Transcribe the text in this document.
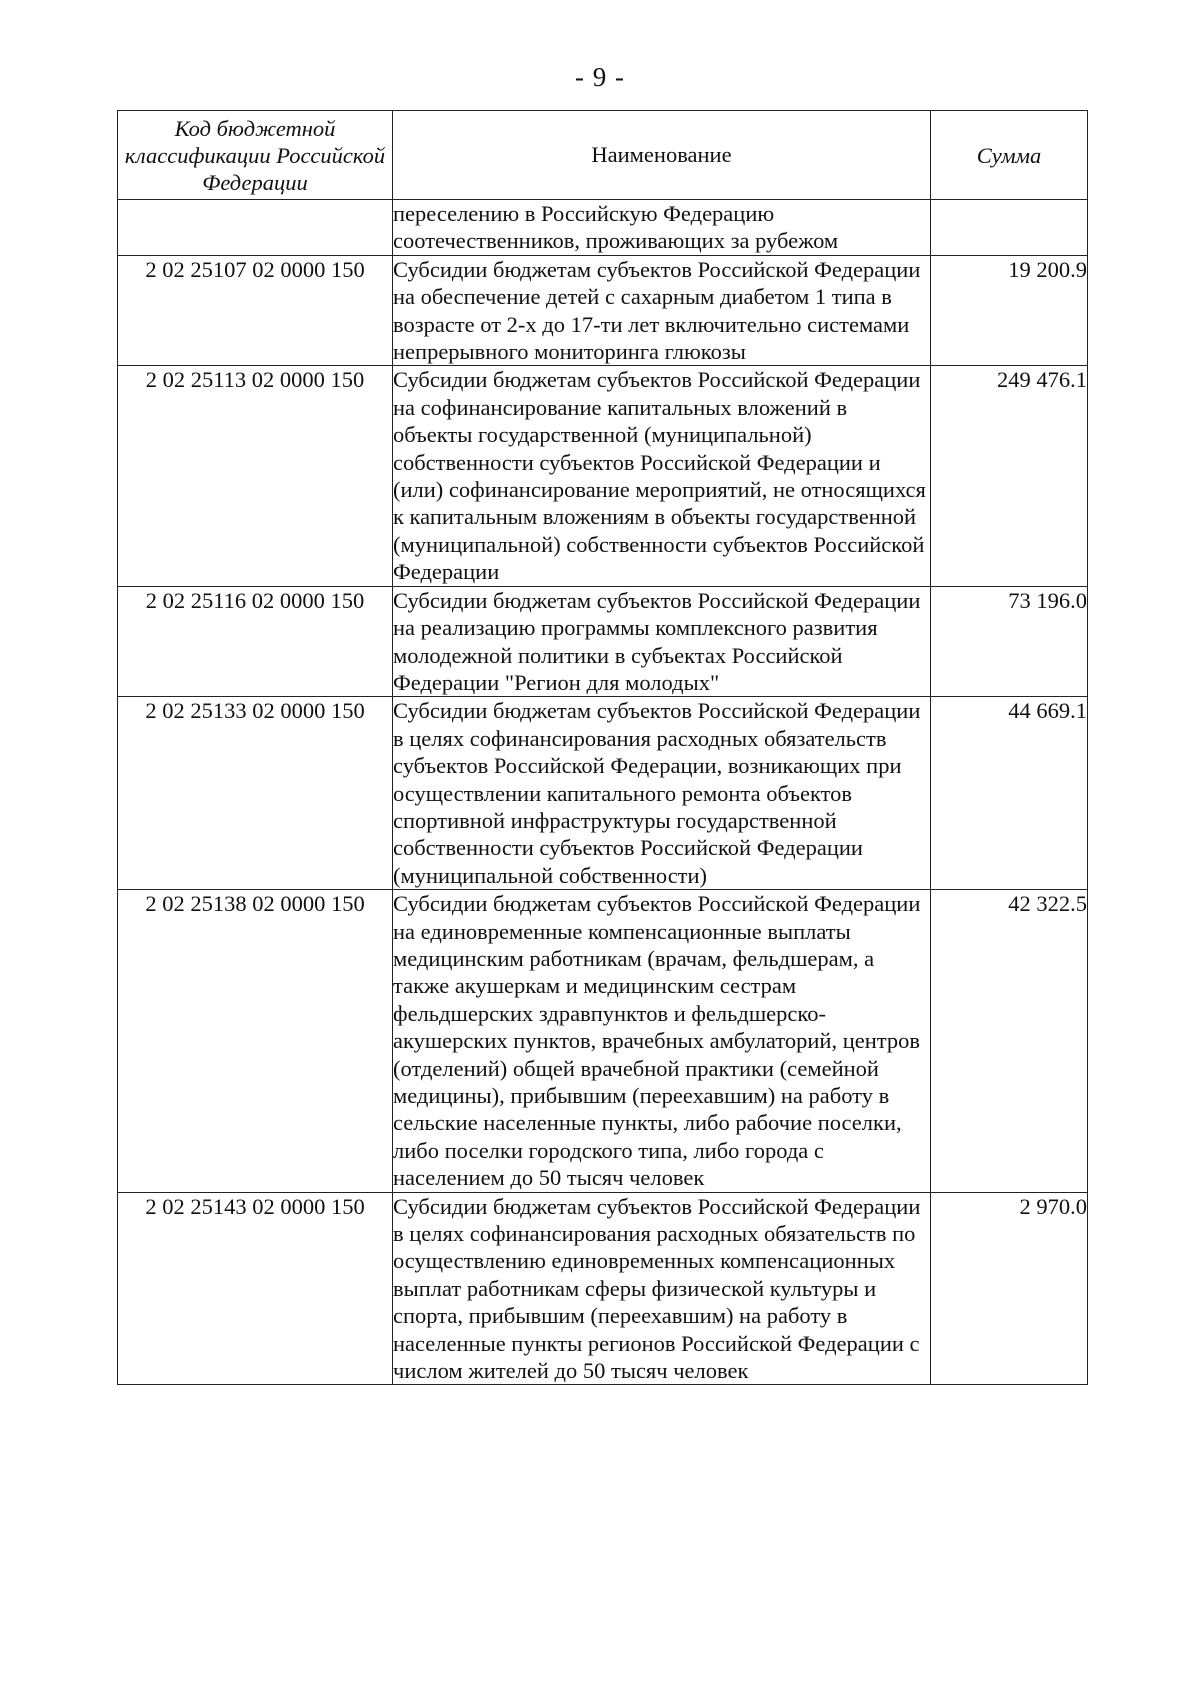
- 9 -
Код бюджетной классификации Российской Федерации	Наименование	Сумма
	переселению в Российскую Федерацию соотечественников, проживающих за рубежом	
2 02 25107 02 0000 150	Субсидии бюджетам субъектов Российской Федерации на обеспечение детей с сахарным диабетом 1 типа в возрасте от 2-х до 17-ти лет включительно системами непрерывного мониторинга глюкозы	19 200.9
2 02 25113 02 0000 150	Субсидии бюджетам субъектов Российской Федерации на софинансирование капитальных вложений в объекты государственной (муниципальной) собственности субъектов Российской Федерации и (или) софинансирование мероприятий, не относящихся к капитальным вложениям в объекты государственной (муниципальной) собственности субъектов Российской Федерации	249 476.1
2 02 25116 02 0000 150	Субсидии бюджетам субъектов Российской Федерации на реализацию программы комплексного развития молодежной политики в субъектах Российской Федерации "Регион для молодых"	73 196.0
2 02 25133 02 0000 150	Субсидии бюджетам субъектов Российской Федерации в целях софинансирования расходных обязательств субъектов Российской Федерации, возникающих при осуществлении капитального ремонта объектов спортивной инфраструктуры государственной собственности субъектов Российской Федерации (муниципальной собственности)	44 669.1
2 02 25138 02 0000 150	Субсидии бюджетам субъектов Российской Федерации на единовременные компенсационные выплаты медицинским работникам (врачам, фельдшерам, а также акушеркам и медицинским сестрам фельдшерских здравпунктов и фельдшерско-акушерских пунктов, врачебных амбулаторий, центров (отделений) общей врачебной практики (семейной медицины), прибывшим (переехавшим) на работу в сельские населенные пункты, либо рабочие поселки, либо поселки городского типа, либо города с населением до 50 тысяч человек	42 322.5
2 02 25143 02 0000 150	Субсидии бюджетам субъектов Российской Федерации в целях софинансирования расходных обязательств по осуществлению единовременных компенсационных выплат работникам сферы физической культуры и спорта, прибывшим (переехавшим) на работу в населенные пункты регионов Российской Федерации с числом жителей до 50 тысяч человек	2 970.0
